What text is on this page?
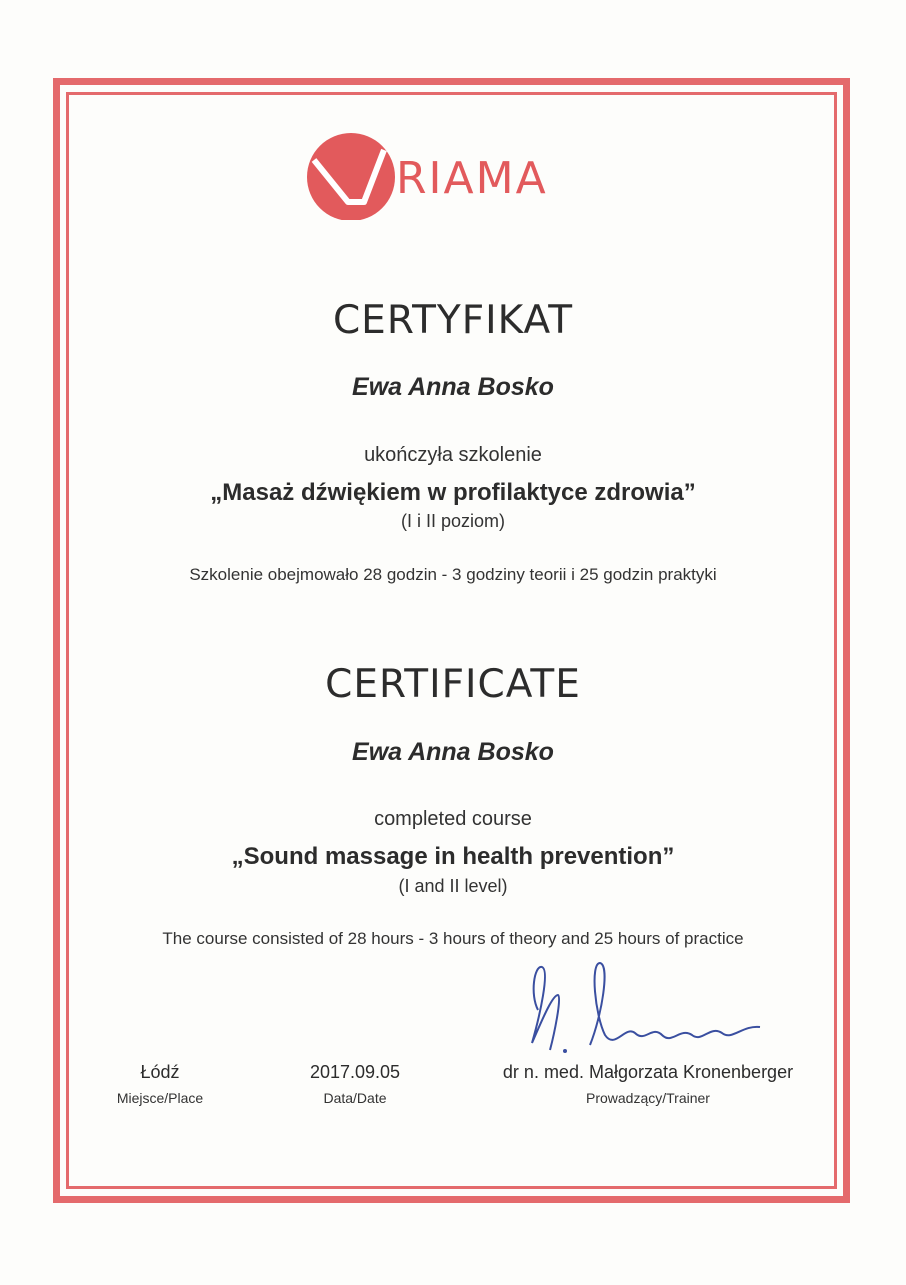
IRIAMA
CERTYFIKAT
Ewa Anna Bosko
ukończyła szkolenie
„Masaż dźwiękiem w profilaktyce zdrowia”
(I i II poziom)
Szkolenie obejmowało 28 godzin - 3 godziny teorii i 25 godzin praktyki
CERTIFICATE
Ewa Anna Bosko
completed course
„Sound massage in health prevention”
(I and II level)
The course consisted of 28 hours - 3 hours of theory and 25 hours of practice
Łódź
Miejsce/Place
2017.09.05
Data/Date
dr n. med. Małgorzata Kronenberger
Prowadzący/Trainer
